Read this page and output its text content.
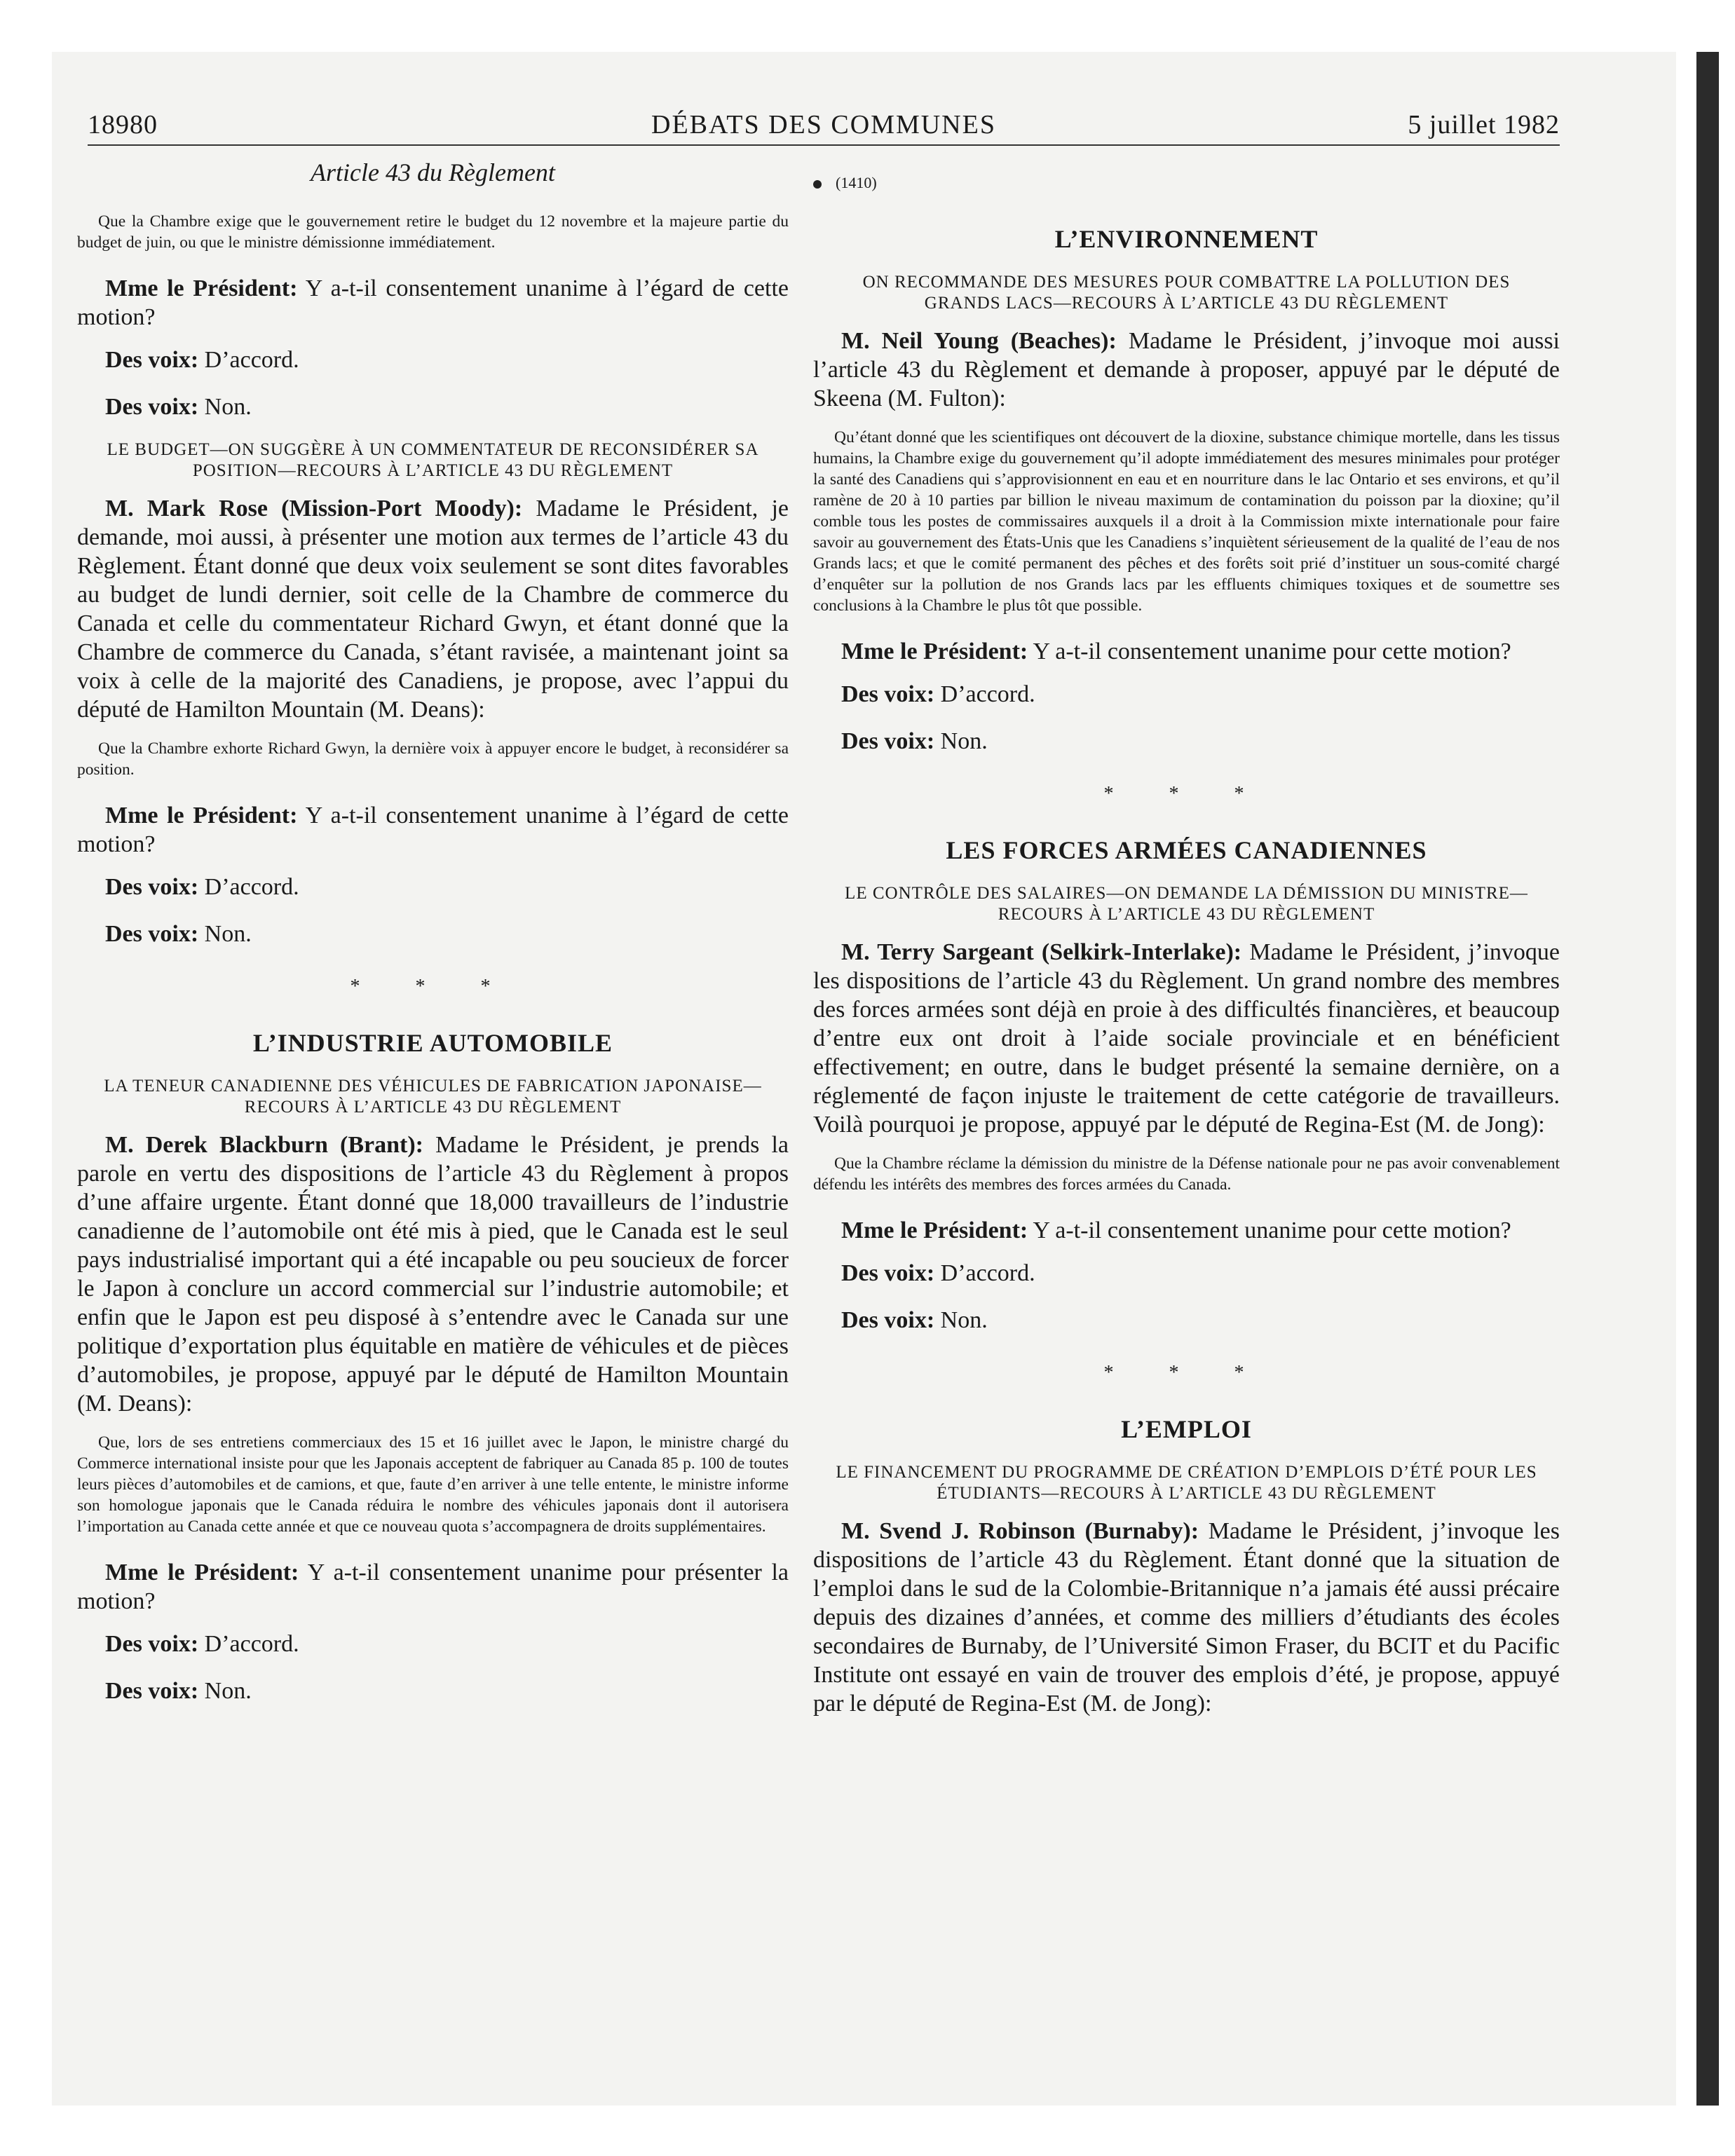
18980	DÉBATS DES COMMUNES	5 juillet 1982
Article 43 du Règlement
Que la Chambre exige que le gouvernement retire le budget du 12 novembre et la majeure partie du budget de juin, ou que le ministre démissionne immédiatement.

Mme le Président: Y a-t-il consentement unanime à l’égard de cette motion?

Des voix: D’accord.

Des voix: Non.

LE BUDGET—ON SUGGÈRE À UN COMMENTATEUR DE RECONSIDÉRER SA POSITION—RECOURS À L’ARTICLE 43 DU RÈGLEMENT

M. Mark Rose (Mission-Port Moody): Madame le Président, je demande, moi aussi, à présenter une motion aux termes de l’article 43 du Règlement. Étant donné que deux voix seulement se sont dites favorables au budget de lundi dernier, soit celle de la Chambre de commerce du Canada et celle du commentateur Richard Gwyn, et étant donné que la Chambre de commerce du Canada, s’étant ravisée, a maintenant joint sa voix à celle de la majorité des Canadiens, je propose, avec l’appui du député de Hamilton Mountain (M. Deans):

Que la Chambre exhorte Richard Gwyn, la dernière voix à appuyer encore le budget, à reconsidérer sa position.

Mme le Président: Y a-t-il consentement unanime à l’égard de cette motion?

Des voix: D’accord.

Des voix: Non.

* * *
L’INDUSTRIE AUTOMOBILE
LA TENEUR CANADIENNE DES VÉHICULES DE FABRICATION JAPONAISE—RECOURS À L’ARTICLE 43 DU RÈGLEMENT

M. Derek Blackburn (Brant): Madame le Président, je prends la parole en vertu des dispositions de l’article 43 du Règlement à propos d’une affaire urgente. Étant donné que 18,000 travailleurs de l’industrie canadienne de l’automobile ont été mis à pied, que le Canada est le seul pays industrialisé important qui a été incapable ou peu soucieux de forcer le Japon à conclure un accord commercial sur l’industrie automobile; et enfin que le Japon est peu disposé à s’entendre avec le Canada sur une politique d’exportation plus équitable en matière de véhicules et de pièces d’automobiles, je propose, appuyé par le député de Hamilton Mountain (M. Deans):

Que, lors de ses entretiens commerciaux des 15 et 16 juillet avec le Japon, le ministre chargé du Commerce international insiste pour que les Japonais acceptent de fabriquer au Canada 85 p. 100 de toutes leurs pièces d’automobiles et de camions, et que, faute d’en arriver à une telle entente, le ministre informe son homologue japonais que le Canada réduira le nombre des véhicules japonais dont il autorisera l’importation au Canada cette année et que ce nouveau quota s’accompagnera de droits supplémentaires.

Mme le Président: Y a-t-il consentement unanime pour présenter la motion?

Des voix: D’accord.

Des voix: Non.

(1410)
L’ENVIRONNEMENT
ON RECOMMANDE DES MESURES POUR COMBATTRE LA POLLUTION DES GRANDS LACS—RECOURS À L’ARTICLE 43 DU RÈGLEMENT

M. Neil Young (Beaches): Madame le Président, j’invoque moi aussi l’article 43 du Règlement et demande à proposer, appuyé par le député de Skeena (M. Fulton):

Qu’étant donné que les scientifiques ont découvert de la dioxine, substance chimique mortelle, dans les tissus humains, la Chambre exige du gouvernement qu’il adopte immédiatement des mesures minimales pour protéger la santé des Canadiens qui s’approvisionnent en eau et en nourriture dans le lac Ontario et ses environs, et qu’il ramène de 20 à 10 parties par billion le niveau maximum de contamination du poisson par la dioxine; qu’il comble tous les postes de commissaires auxquels il a droit à la Commission mixte internationale pour faire savoir au gouvernement des États-Unis que les Canadiens s’inquiètent sérieusement de la qualité de l’eau de nos Grands lacs; et que le comité permanent des pêches et des forêts soit prié d’instituer un sous-comité chargé d’enquêter sur la pollution de nos Grands lacs par les effluents chimiques toxiques et de soumettre ses conclusions à la Chambre le plus tôt que possible.

Mme le Président: Y a-t-il consentement unanime pour cette motion?

Des voix: D’accord.

Des voix: Non.

* * *
LES FORCES ARMÉES CANADIENNES
LE CONTRÔLE DES SALAIRES—ON DEMANDE LA DÉMISSION DU MINISTRE—RECOURS À L’ARTICLE 43 DU RÈGLEMENT

M. Terry Sargeant (Selkirk-Interlake): Madame le Président, j’invoque les dispositions de l’article 43 du Règlement. Un grand nombre des membres des forces armées sont déjà en proie à des difficultés financières, et beaucoup d’entre eux ont droit à l’aide sociale provinciale et en bénéficient effectivement; en outre, dans le budget présenté la semaine dernière, on a réglementé de façon injuste le traitement de cette catégorie de travailleurs. Voilà pourquoi je propose, appuyé par le député de Regina-Est (M. de Jong):

Que la Chambre réclame la démission du ministre de la Défense nationale pour ne pas avoir convenablement défendu les intérêts des membres des forces armées du Canada.

Mme le Président: Y a-t-il consentement unanime pour cette motion?

Des voix: D’accord.

Des voix: Non.

* * *
L’EMPLOI
LE FINANCEMENT DU PROGRAMME DE CRÉATION D’EMPLOIS D’ÉTÉ POUR LES ÉTUDIANTS—RECOURS À L’ARTICLE 43 DU RÈGLEMENT

M. Svend J. Robinson (Burnaby): Madame le Président, j’invoque les dispositions de l’article 43 du Règlement. Étant donné que la situation de l’emploi dans le sud de la Colombie-Britannique n’a jamais été aussi précaire depuis des dizaines d’années, et comme des milliers d’étudiants des écoles secondaires de Burnaby, de l’Université Simon Fraser, du BCIT et du Pacific Institute ont essayé en vain de trouver des emplois d’été, je propose, appuyé par le député de Regina-Est (M. de Jong):
